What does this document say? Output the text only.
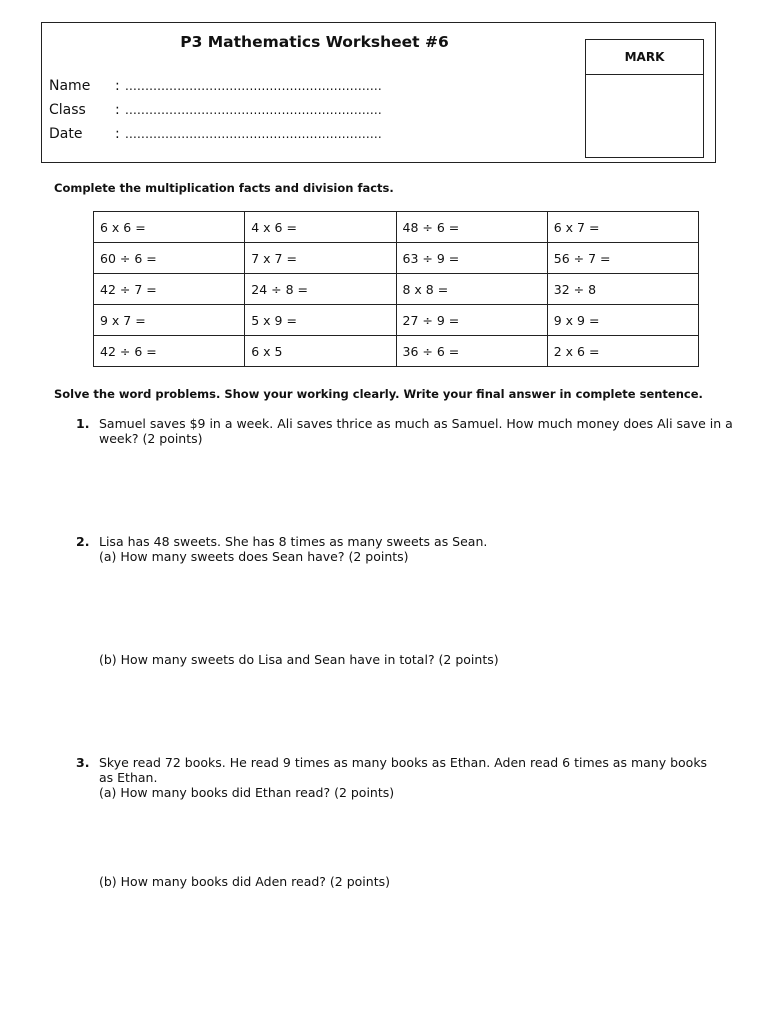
P3 Mathematics Worksheet #6
Name	: ................................................................
Class	: ................................................................
Date	: ................................................................
MARK
Complete the multiplication facts and division facts.
6 x 6 =	4 x 6 =	48 ÷ 6 =	6 x 7 =
60 ÷ 6 =	7 x 7 =	63 ÷ 9 =	56 ÷ 7 =
42 ÷ 7 =	24 ÷ 8 =	8 x 8 =	32 ÷ 8
9 x 7 =	5 x 9 =	27 ÷ 9 =	9 x 9 =
42 ÷ 6 =	6 x 5	36 ÷ 6 =	2 x 6 =
Solve the word problems. Show your working clearly. Write your final answer in complete sentence.
1. Samuel saves $9 in a week. Ali saves thrice as much as Samuel. How much money does Ali save in a week? (2 points)
2. Lisa has 48 sweets. She has 8 times as many sweets as Sean.
(a) How many sweets does Sean have? (2 points)
(b) How many sweets do Lisa and Sean have in total? (2 points)
3. Skye read 72 books. He read 9 times as many books as Ethan. Aden read 6 times as many books as Ethan.
(a) How many books did Ethan read? (2 points)
(b) How many books did Aden read? (2 points)
